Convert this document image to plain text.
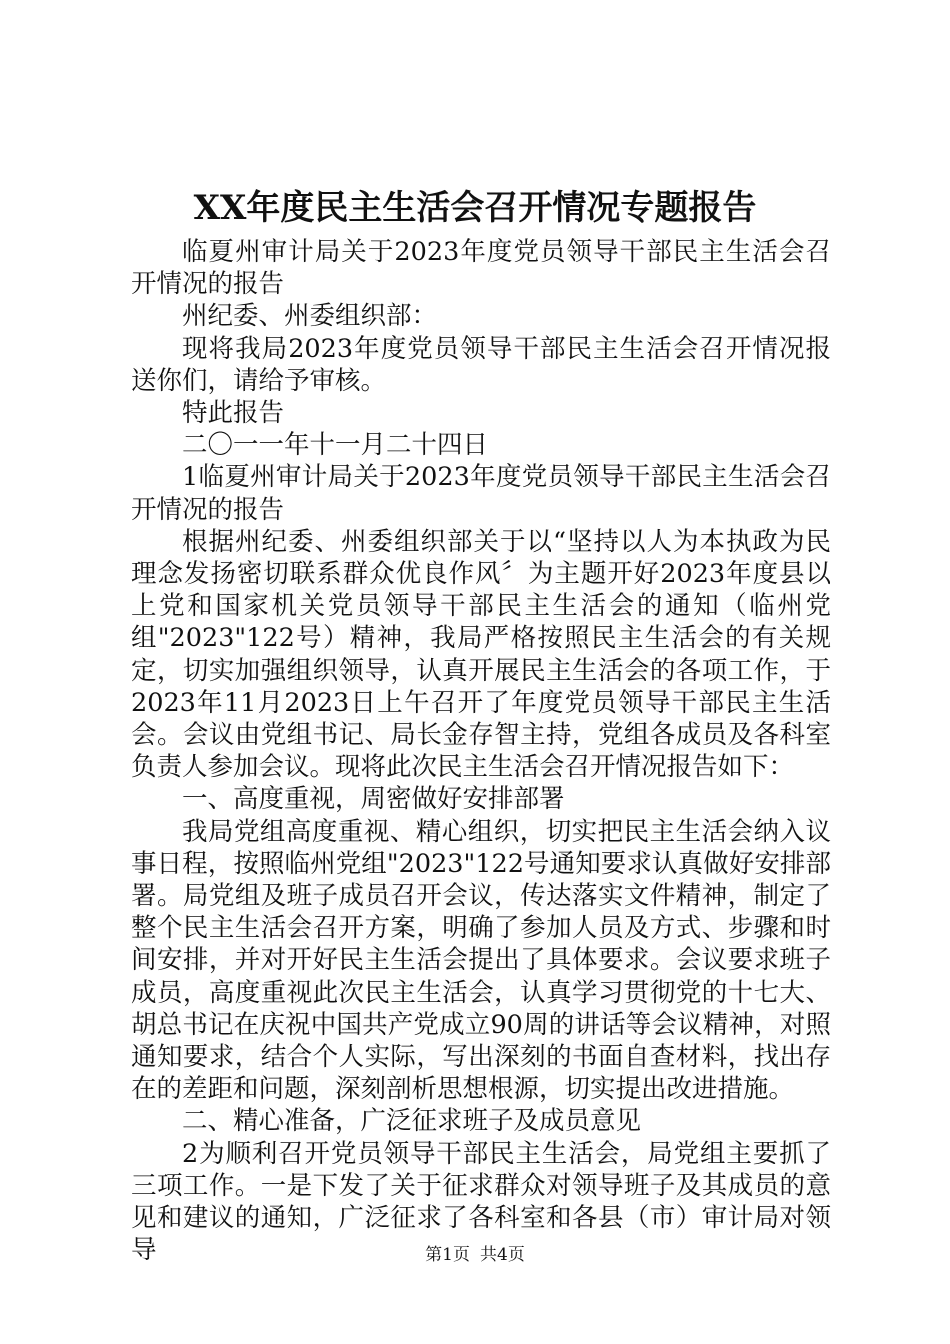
XX年度民主生活会召开情况专题报告

临夏州审计局关于2023年度党员领导干部民主生活会召开情况的报告

州纪委、州委组织部：

现将我局2023年度党员领导干部民主生活会召开情况报送你们，请给予审核。

特此报告

二〇一一年十一月二十四日

1临夏州审计局关于2023年度党员领导干部民主生活会召开情况的报告

根据州纪委、州委组织部关于以“坚持以人为本执政为民理念发扬密切联系群众优良作风〞为主题开好2023年度县以上党和国家机关党员领导干部民主生活会的通知（临州党组"2023"122号）精神，我局严格按照民主生活会的有关规定，切实加强组织领导，认真开展民主生活会的各项工作，于2023年11月2023日上午召开了年度党员领导干部民主生活会。会议由党组书记、局长金存智主持，党组各成员及各科室负责人参加会议。现将此次民主生活会召开情况报告如下：

一、高度重视，周密做好安排部署

我局党组高度重视、精心组织，切实把民主生活会纳入议事日程，按照临州党组"2023"122号通知要求认真做好安排部署。局党组及班子成员召开会议，传达落实文件精神，制定了整个民主生活会召开方案，明确了参加人员及方式、步骤和时间安排，并对开好民主生活会提出了具体要求。会议要求班子成员，高度重视此次民主生活会，认真学习贯彻党的十七大、胡总书记在庆祝中国共产党成立90周的讲话等会议精神，对照通知要求，结合个人实际，写出深刻的书面自查材料，找出存在的差距和问题，深刻剖析思想根源，切实提出改进措施。

二、精心准备，广泛征求班子及成员意见

2为顺利召开党员领导干部民主生活会，局党组主要抓了三项工作。一是下发了关于征求群众对领导班子及其成员的意见和建议的通知，广泛征求了各科室和各县（市）审计局对领导	第1页 共4页
